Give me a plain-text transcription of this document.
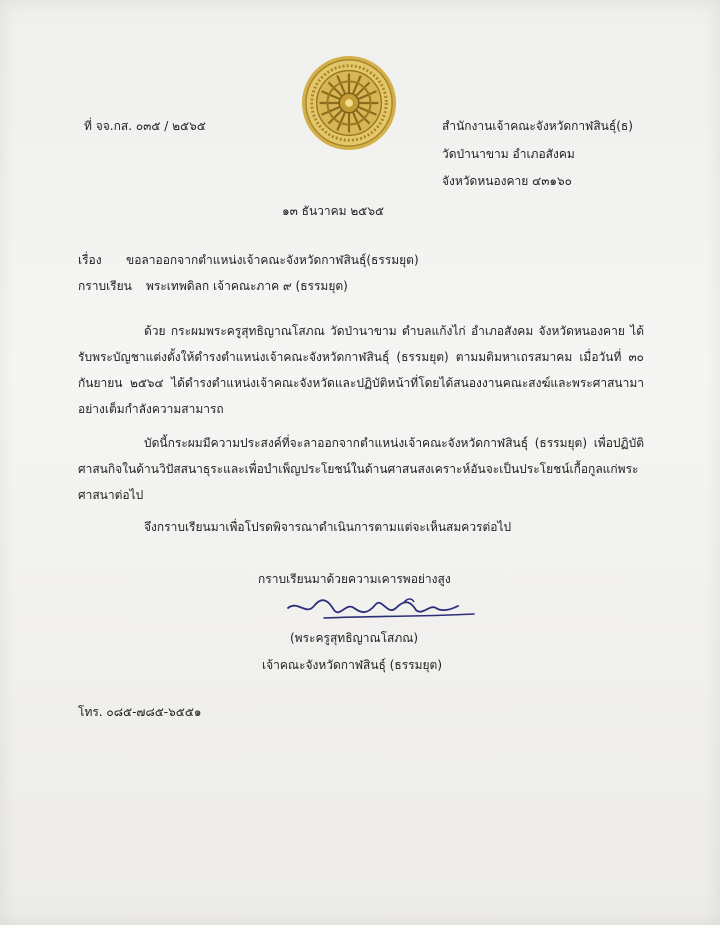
ที่ จจ.กส. ๐๓๕ / ๒๕๖๕	สำนักงานเจ้าคณะจังหวัดกาฬสินธุ์(ธ)
วัดป่านาขาม อำเภอสังคม
จังหวัดหนองคาย ๔๓๑๖๐
๑๓ ธันวาคม ๒๕๖๕
เรื่อง ขอลาออกจากตำแหน่งเจ้าคณะจังหวัดกาฬสินธุ์(ธรรมยุต)
กราบเรียน พระเทพดิลก เจ้าคณะภาค ๙ (ธรรมยุต)
ด้วย กระผมพระครูสุทธิญาณโสภณ วัดป่านาขาม ตำบลแก้งไก่ อำเภอสังคม จังหวัดหนองคาย ได้รับพระบัญชาแต่งตั้งให้ดำรงตำแหน่งเจ้าคณะจังหวัดกาฬสินธุ์ (ธรรมยุต) ตามมติมหาเถรสมาคม เมื่อวันที่ ๓๐ กันยายน ๒๕๖๔ ได้ดำรงตำแหน่งเจ้าคณะจังหวัดและปฏิบัติหน้าที่โดยได้สนองงานคณะสงฆ์และพระศาสนามาอย่างเต็มกำลังความสามารถ
บัดนี้กระผมมีความประสงค์ที่จะลาออกจากตำแหน่งเจ้าคณะจังหวัดกาฬสินธุ์ (ธรรมยุต) เพื่อปฏิบัติศาสนกิจในด้านวิปัสสนาธุระและเพื่อบำเพ็ญประโยชน์ในด้านศาสนสงเคราะห์อันจะเป็นประโยชน์เกื้อกูลแก่พระศาสนาต่อไป
จึงกราบเรียนมาเพื่อโปรดพิจารณาดำเนินการตามแต่จะเห็นสมควรต่อไป
กราบเรียนมาด้วยความเคารพอย่างสูง
(พระครูสุทธิญาณโสภณ)
เจ้าคณะจังหวัดกาฬสินธุ์ (ธรรมยุต)
โทร. ๐๘๕-๗๘๕-๖๕๕๑
